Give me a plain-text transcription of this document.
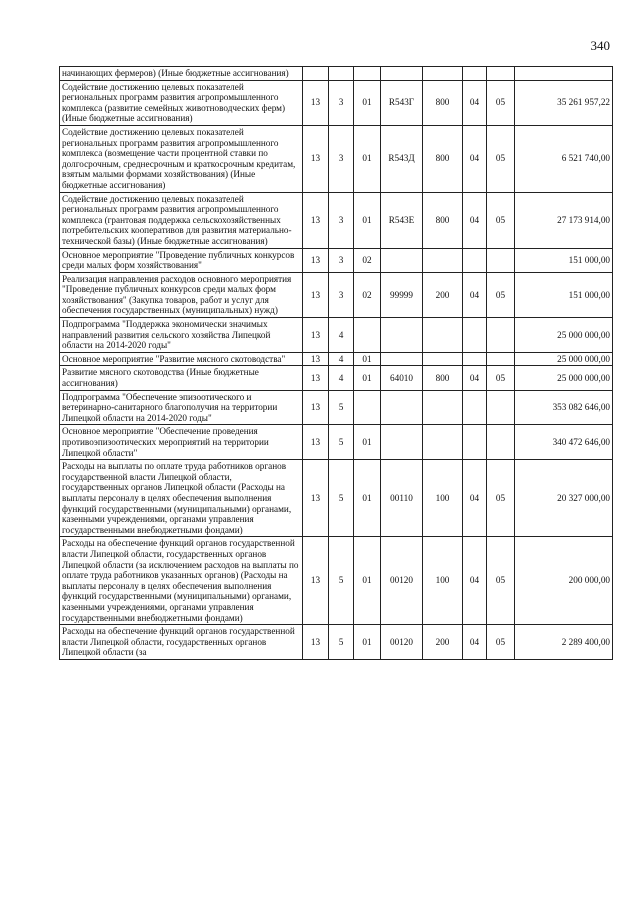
340
начинающих фермеров) (Иные бюджетные ассигнования)								
Содействие достижению целевых показателей региональных программ развития агропромышленного комплекса (развитие семейных животноводческих ферм) (Иные бюджетные ассигнования)	13	3	01	R543Г	800	04	05	35 261 957,22
Содействие достижению целевых показателей региональных программ развития агропромышленного комплекса (возмещение части процентной ставки по долгосрочным, среднесрочным и краткосрочным кредитам, взятым малыми формами хозяйствования) (Иные бюджетные ассигнования)	13	3	01	R543Д	800	04	05	6 521 740,00
Содействие достижению целевых показателей региональных программ развития агропромышленного комплекса (грантовая поддержка сельскохозяйственных потребительских кооперативов для развития материально-технической базы) (Иные бюджетные ассигнования)	13	3	01	R543Е	800	04	05	27 173 914,00
Основное мероприятие "Проведение публичных конкурсов среди малых форм хозяйствования"	13	3	02					151 000,00
Реализация направления расходов основного мероприятия "Проведение публичных конкурсов среди малых форм хозяйствования" (Закупка товаров, работ и услуг для обеспечения государственных (муниципальных) нужд)	13	3	02	99999	200	04	05	151 000,00
Подпрограмма "Поддержка экономически значимых направлений развития сельского хозяйства Липецкой области на 2014-2020 годы"	13	4						25 000 000,00
Основное мероприятие "Развитие мясного скотоводства"	13	4	01					25 000 000,00
Развитие мясного скотоводства (Иные бюджетные ассигнования)	13	4	01	64010	800	04	05	25 000 000,00
Подпрограмма "Обеспечение эпизоотического и ветеринарно-санитарного благополучия на территории Липецкой области на 2014-2020 годы"	13	5						353 082 646,00
Основное мероприятие "Обеспечение проведения противоэпизоотических мероприятий на территории Липецкой области"	13	5	01					340 472 646,00
Расходы на выплаты по оплате труда работников органов государственной власти Липецкой области, государственных органов Липецкой области (Расходы на выплаты персоналу в целях обеспечения выполнения функций государственными (муниципальными) органами, казенными учреждениями, органами управления государственными внебюджетными фондами)	13	5	01	00110	100	04	05	20 327 000,00
Расходы на обеспечение функций органов государственной власти Липецкой области, государственных органов Липецкой области (за исключением расходов на выплаты по оплате труда работников указанных органов) (Расходы на выплаты персоналу в целях обеспечения выполнения функций государственными (муниципальными) органами, казенными учреждениями, органами управления государственными внебюджетными фондами)	13	5	01	00120	100	04	05	200 000,00
Расходы на обеспечение функций органов государственной власти Липецкой области, государственных органов Липецкой области (за	13	5	01	00120	200	04	05	2 289 400,00
